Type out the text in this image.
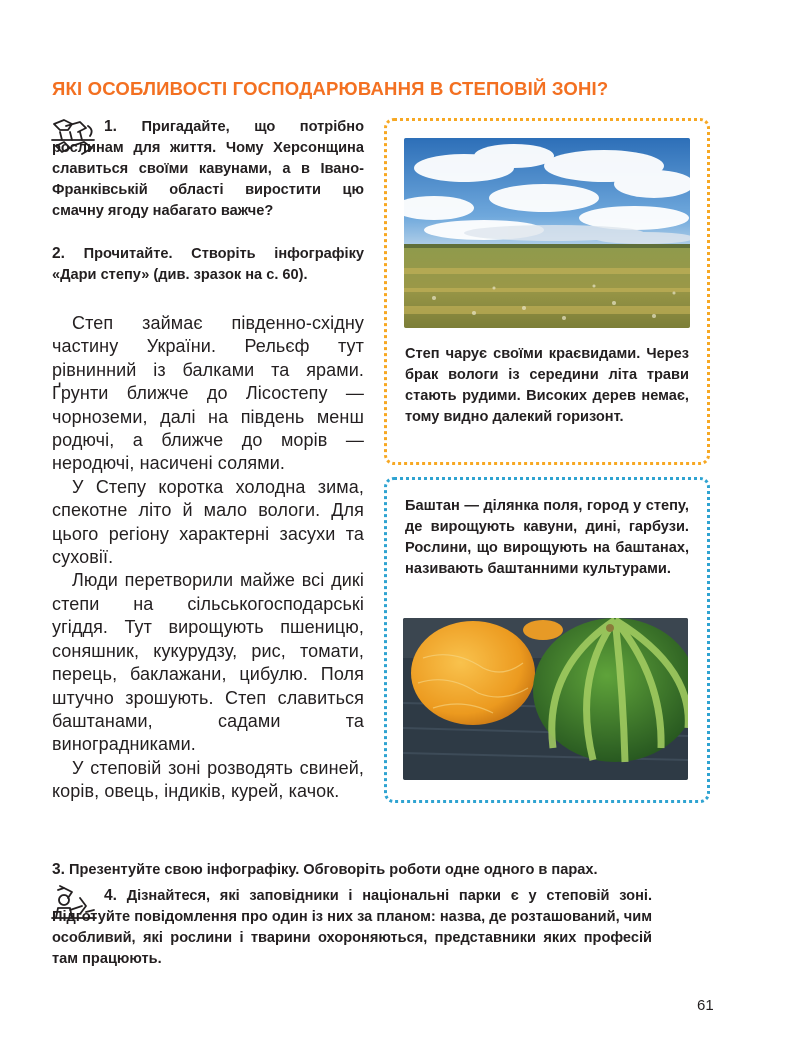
ЯКІ ОСОБЛИВОСТІ ГОСПОДАРЮВАННЯ В СТЕПОВІЙ ЗОНІ?
1. Пригадайте, що потрібно рослинам для життя. Чому Херсонщина славиться своїми кавунами, а в Івано-Франківській області виростити цю смачну ягоду набагато важче?
2. Прочитайте. Створіть інфографіку «Дари степу» (див. зразок на с. 60).

Степ займає південно-східну частину України. Рельєф тут рівнинний із балками та ярами. Ґрунти ближче до Лісостепу — чорноземи, далі на південь менш родючі, а ближче до морів — неродючі, насичені солями.

У Степу коротка холодна зима, спекотне літо й мало вологи. Для цього регіону характерні засухи та суховії.

Люди перетворили майже всі дикі степи на сільськогосподарські угіддя. Тут вирощують пшеницю, соняшник, кукурудзу, рис, томати, перець, баклажани, цибулю. Поля штучно зрошують. Степ славиться баштанами, садами та виноградниками.

У степовій зоні розводять свиней, корів, овець, індиків, курей, качок.

Степ чарує своїми краєвидами. Через брак вологи із середини літа трави стають рудими. Високих дерев немає, тому видно далекий горизонт.

Баштан — ділянка поля, город у степу, де вирощують кавуни, дині, гарбузи. Рослини, що вирощують на баштанах, називають баштанними культурами.

3. Презентуйте свою інфографіку. Обговоріть роботи одне одного в парах.
4. Дізнайтеся, які заповідники і національні парки є у степовій зоні. Підготуйте повідомлення про один із них за планом: назва, де розташований, чим особливий, які рослини і тварини охороняються, представники яких професій там працюють.

61
